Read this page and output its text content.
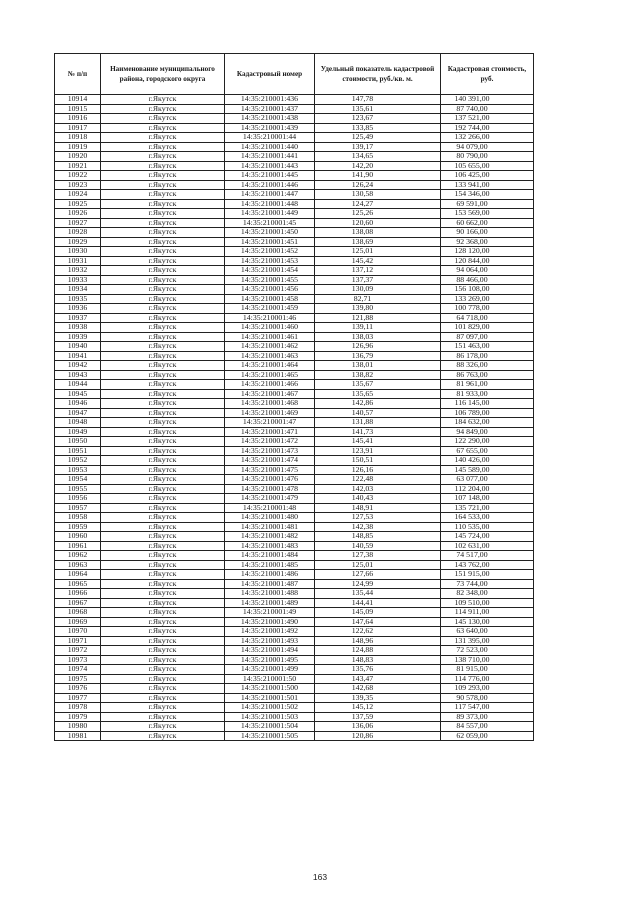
№ п/п	Наименование муниципального района, городского округа	Кадастровый номер	Удельный показатель кадастровой стоимости, руб./кв. м.	Кадастровая стоимость, руб.
10914	г.Якутск	14:35:210001:436	147,78	140 391,00
10915	г.Якутск	14:35:210001:437	135,61	87 740,00
10916	г.Якутск	14:35:210001:438	123,67	137 521,00
10917	г.Якутск	14:35:210001:439	133,85	192 744,00
10918	г.Якутск	14:35:210001:44	125,49	132 266,00
10919	г.Якутск	14:35:210001:440	139,17	94 079,00
10920	г.Якутск	14:35:210001:441	134,65	80 790,00
10921	г.Якутск	14:35:210001:443	142,20	105 655,00
10922	г.Якутск	14:35:210001:445	141,90	106 425,00
10923	г.Якутск	14:35:210001:446	126,24	133 941,00
10924	г.Якутск	14:35:210001:447	130,58	154 346,00
10925	г.Якутск	14:35:210001:448	124,27	69 591,00
10926	г.Якутск	14:35:210001:449	125,26	153 569,00
10927	г.Якутск	14:35:210001:45	120,60	60 662,00
10928	г.Якутск	14:35:210001:450	138,08	90 166,00
10929	г.Якутск	14:35:210001:451	138,69	92 368,00
10930	г.Якутск	14:35:210001:452	125,01	128 120,00
10931	г.Якутск	14:35:210001:453	145,42	120 844,00
10932	г.Якутск	14:35:210001:454	137,12	94 064,00
10933	г.Якутск	14:35:210001:455	137,37	88 466,00
10934	г.Якутск	14:35:210001:456	130,09	156 108,00
10935	г.Якутск	14:35:210001:458	82,71	133 269,00
10936	г.Якутск	14:35:210001:459	139,80	100 778,00
10937	г.Якутск	14:35:210001:46	121,88	64 718,00
10938	г.Якутск	14:35:210001:460	139,11	101 829,00
10939	г.Якутск	14:35:210001:461	138,03	87 097,00
10940	г.Якутск	14:35:210001:462	126,96	151 463,00
10941	г.Якутск	14:35:210001:463	136,79	86 178,00
10942	г.Якутск	14:35:210001:464	138,01	88 326,00
10943	г.Якутск	14:35:210001:465	138,82	86 763,00
10944	г.Якутск	14:35:210001:466	135,67	81 961,00
10945	г.Якутск	14:35:210001:467	135,65	81 933,00
10946	г.Якутск	14:35:210001:468	142,86	116 145,00
10947	г.Якутск	14:35:210001:469	140,57	106 789,00
10948	г.Якутск	14:35:210001:47	131,88	184 632,00
10949	г.Якутск	14:35:210001:471	141,73	94 849,00
10950	г.Якутск	14:35:210001:472	145,41	122 290,00
10951	г.Якутск	14:35:210001:473	123,91	67 655,00
10952	г.Якутск	14:35:210001:474	150,51	140 426,00
10953	г.Якутск	14:35:210001:475	126,16	145 589,00
10954	г.Якутск	14:35:210001:476	122,48	63 077,00
10955	г.Якутск	14:35:210001:478	142,03	112 204,00
10956	г.Якутск	14:35:210001:479	140,43	107 148,00
10957	г.Якутск	14:35:210001:48	148,91	135 721,00
10958	г.Якутск	14:35:210001:480	127,53	164 533,00
10959	г.Якутск	14:35:210001:481	142,38	110 535,00
10960	г.Якутск	14:35:210001:482	148,85	145 724,00
10961	г.Якутск	14:35:210001:483	140,59	102 631,00
10962	г.Якутск	14:35:210001:484	127,38	74 517,00
10963	г.Якутск	14:35:210001:485	125,01	143 762,00
10964	г.Якутск	14:35:210001:486	127,66	151 915,00
10965	г.Якутск	14:35:210001:487	124,99	73 744,00
10966	г.Якутск	14:35:210001:488	135,44	82 348,00
10967	г.Якутск	14:35:210001:489	144,41	109 510,00
10968	г.Якутск	14:35:210001:49	145,09	114 911,00
10969	г.Якутск	14:35:210001:490	147,64	145 130,00
10970	г.Якутск	14:35:210001:492	122,62	63 640,00
10971	г.Якутск	14:35:210001:493	148,96	131 395,00
10972	г.Якутск	14:35:210001:494	124,88	72 523,00
10973	г.Якутск	14:35:210001:495	148,83	138 710,00
10974	г.Якутск	14:35:210001:499	135,76	81 915,00
10975	г.Якутск	14:35:210001:50	143,47	114 776,00
10976	г.Якутск	14:35:210001:500	142,68	109 293,00
10977	г.Якутск	14:35:210001:501	139,35	90 578,00
10978	г.Якутск	14:35:210001:502	145,12	117 547,00
10979	г.Якутск	14:35:210001:503	137,59	89 373,00
10980	г.Якутск	14:35:210001:504	136,06	84 557,00
10981	г.Якутск	14:35:210001:505	120,86	62 059,00
163
